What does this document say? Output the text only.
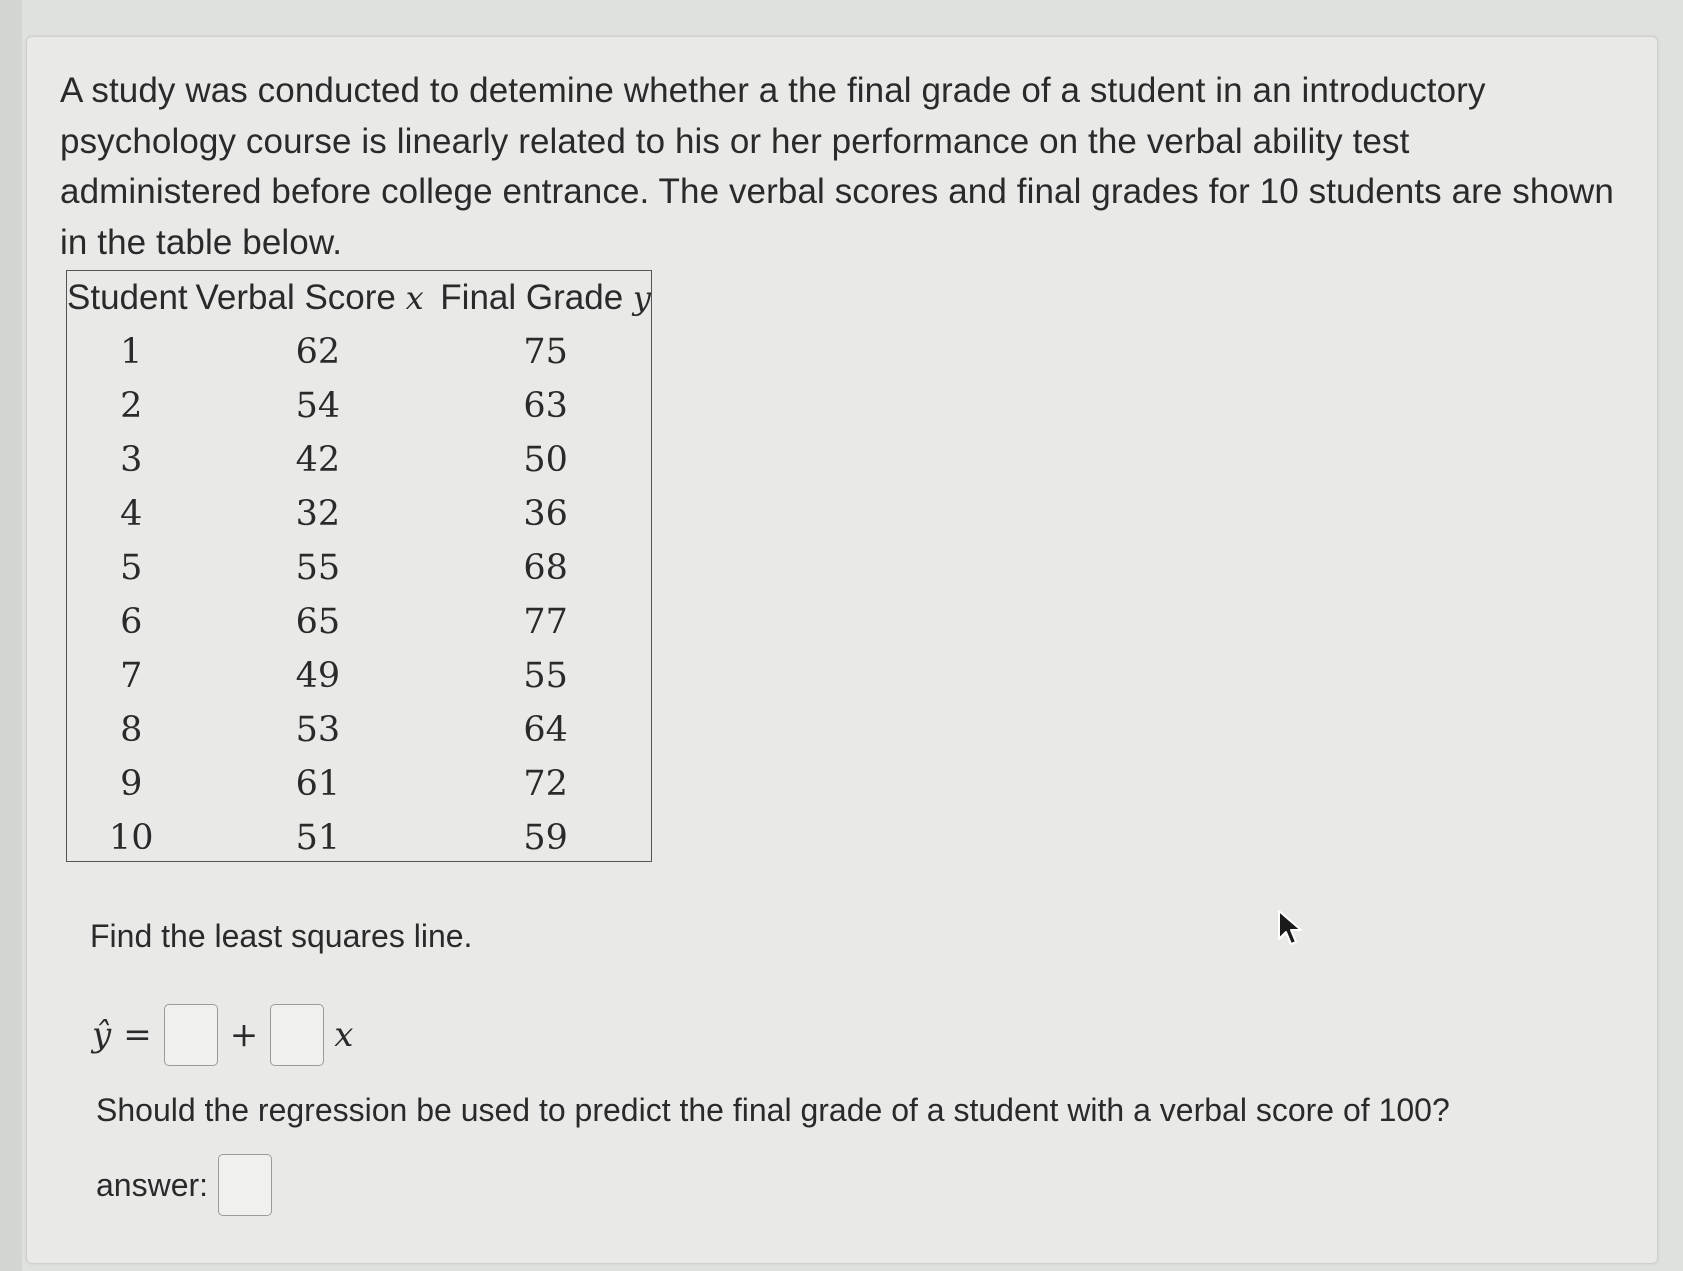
A study was conducted to detemine whether a the final grade of a student in an introductory psychology course is linearly related to his or her performance on the verbal ability test administered before college entrance. The verbal scores and final grades for 10 students are shown in the table below.

Student	Verbal Score x	Final Grade y
1	62	75
2	54	63
3	42	50
4	32	36
5	55	68
6	65	77
7	49	55
8	53	64
9	61	72
10	51	59

Find the least squares line.

ŷ = + x

Should the regression be used to predict the final grade of a student with a verbal score of 100?

answer:
